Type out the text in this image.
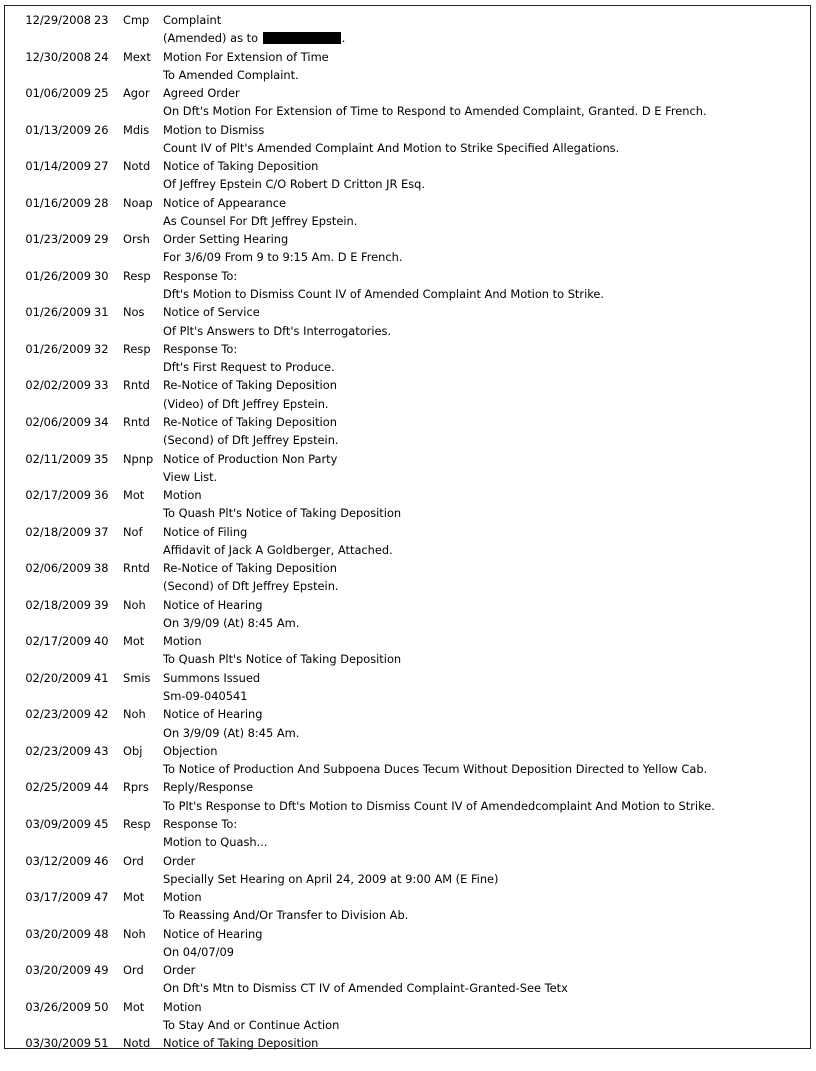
12/29/2008 23	Cmp	Complaint
(Amended) as to	.
12/30/2008 24	Mext	Motion For Extension of Time
To Amended Complaint.
01/06/2009 25	Agor	Agreed Order
On Dft's Motion For Extension of Time to Respond to Amended Complaint, Granted. D E French.
01/13/2009 26	Mdis	Motion to Dismiss
Count IV of Plt's Amended Complaint And Motion to Strike Specified Allegations.
01/14/2009 27	Notd	Notice of Taking Deposition
Of Jeffrey Epstein C/O Robert D Critton JR Esq.
01/16/2009 28	Noap Notice of Appearance
As Counsel For Dft Jeffrey Epstein.
01/23/2009 29	Orsh	Order Setting Hearing
For 3/6/09 From 9 to 9:15 Am. D E French.
01/26/2009 30	Resp	Response To:
Dft's Motion to Dismiss Count IV of Amended Complaint And Motion to Strike.
01/26/2009 31	Nos	Notice of Service
Of Plt's Answers to Dft's Interrogatories.
01/26/2009 32	Resp	Response To:
Dft's First Request to Produce.
02/02/2009 33	Rntd	Re-Notice of Taking Deposition
(Video) of Dft Jeffrey Epstein.
02/06/2009 34	Rntd	Re-Notice of Taking Deposition
(Second) of Dft Jeffrey Epstein.
02/11/2009 35	Npnp Notice of Production Non Party
View List.
02/17/2009 36	Mot	Motion
To Quash Plt's Notice of Taking Deposition
02/18/2009 37	Nof	Notice of Filing
Affidavit of Jack A Goldberger, Attached.
02/06/2009 38	Rntd	Re-Notice of Taking Deposition
(Second) of Dft Jeffrey Epstein.
02/18/2009 39	Noh	Notice of Hearing
On 3/9/09 (At) 8:45 Am.
02/17/2009 40	Mot	Motion
To Quash Plt's Notice of Taking Deposition
02/20/2009 41	Smis	Summons Issued
Sm-09-040541
02/23/2009 42	Noh	Notice of Hearing
On 3/9/09 (At) 8:45 Am.
02/23/2009 43	Obj	Objection
To Notice of Production And Subpoena Duces Tecum Without Deposition Directed to Yellow Cab.
02/25/2009 44	Rprs	Reply/Response
To Plt's Response to Dft's Motion to Dismiss Count IV of Amendedcomplaint And Motion to Strike.
03/09/2009 45	Resp	Response To:
Motion to Quash...
03/12/2009 46	Ord	Order
Specially Set Hearing on April 24, 2009 at 9:00 AM (E Fine)
03/17/2009 47	Mot	Motion
To Reassing And/Or Transfer to Division Ab.
03/20/2009 48	Noh	Notice of Hearing
On 04/07/09
03/20/2009 49	Ord	Order
On Dft's Mtn to Dismiss CT IV of Amended Complaint-Granted-See Tetx
03/26/2009 50	Mot	Motion
To Stay And or Continue Action
03/30/2009 51	Notd	Notice of Taking Deposition
